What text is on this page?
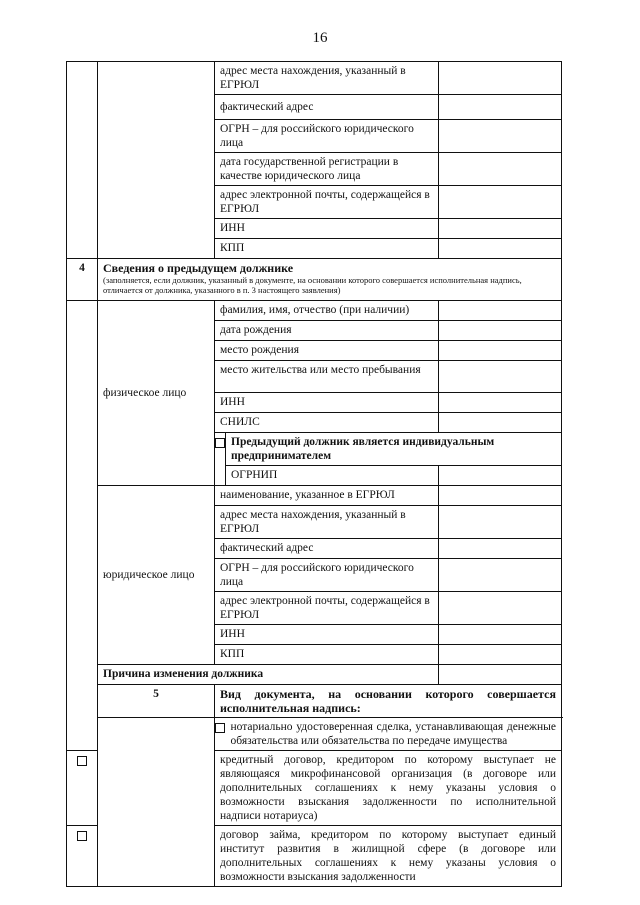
16
		адрес места нахождения, указанный в ЕГРЮЛ		
		фактический адрес		
		ОГРН – для российского юридического лица		
		дата государственной регистрации в качестве юридического лица		
		адрес электронной почты, содержащейся в ЕГРЮЛ		
		ИНН		
		КПП		
4	Сведения о предыдущем должнике
(заполняется, если должник, указанный в документе, на основании которого совершается исполнительная надпись, отличается от должника, указанного в п. 3 настоящего заявления)			

	физическое лицо	фамилия, имя, отчество (при наличии)		
		дата рождения		
		место рождения		
		место жительства или место пребывания		
		ИНН		
		СНИЛС		
			Предыдущий должник является индивидуальным предпринимателем	
			ОГРНИП	
	юридическое лицо	наименование, указанное в ЕГРЮЛ		
		адрес места нахождения, указанный в ЕГРЮЛ		
		фактический адрес		
		ОГРН – для российского юридического лица		
		адрес электронной почты, содержащейся в ЕГРЮЛ		
		ИНН		
		КПП		
	Причина изменения должника			
	5	Вид документа, на основании которого совершается исполнительная надпись:		
			нотариально удостоверенная сделка, устанавливающая денежные обязательства или обязательства по передаче имущества	
		кредитный договор, кредитором по которому выступает не являющаяся микрофинансовой организация (в договоре или дополнительных соглашениях к нему указаны условия о возможности взыскания задолженности по исполнительной надписи нотариуса)		
		договор займа, кредитором по которому выступает единый институт развития в жилищной сфере (в договоре или дополнительных соглашениях к нему указаны условия о возможности взыскания задолженности		
